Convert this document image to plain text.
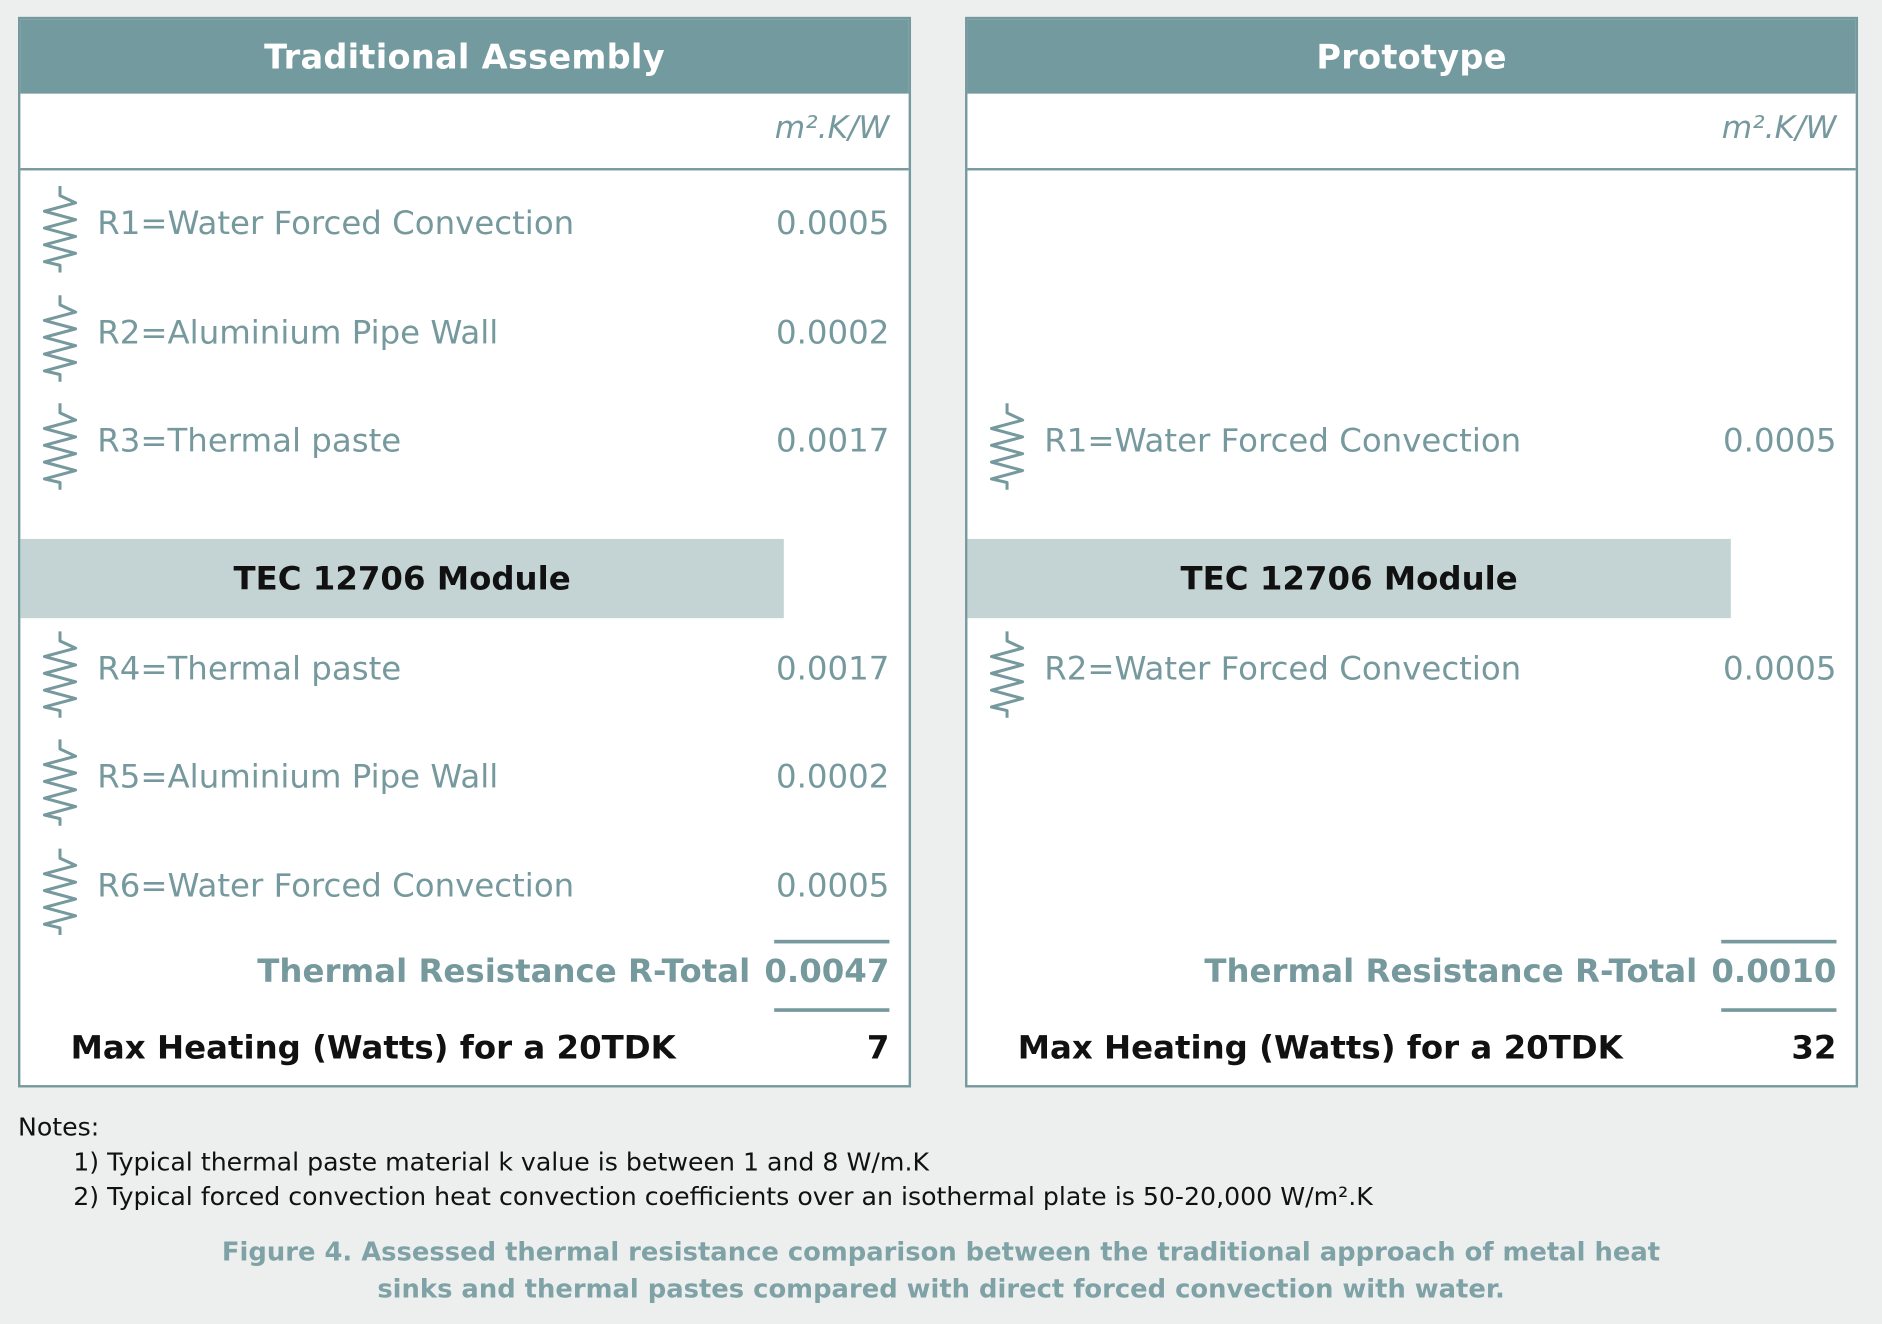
Traditional Assembly
m².K/W
R1=Water Forced Convection	0.0005
R2=Aluminium Pipe Wall	0.0002
R3=Thermal paste	0.0017
TEC 12706 Module
R4=Thermal paste	0.0017
R5=Aluminium Pipe Wall	0.0002
R6=Water Forced Convection	0.0005
Thermal Resistance R-Total 0.0047
Max Heating (Watts) for a 20TDK	7
Prototype
m².K/W
R1=Water Forced Convection	0.0005
TEC 12706 Module
R2=Water Forced Convection	0.0005
Thermal Resistance R-Total 0.0010
Max Heating (Watts) for a 20TDK	32
Notes:
1) Typical thermal paste material k value is between 1 and 8 W/m.K
2) Typical forced convection heat convection coefficients over an isothermal plate is 50-20,000 W/m².K
Figure 4. Assessed thermal resistance comparison between the traditional approach of metal heat
sinks and thermal pastes compared with direct forced convection with water.
